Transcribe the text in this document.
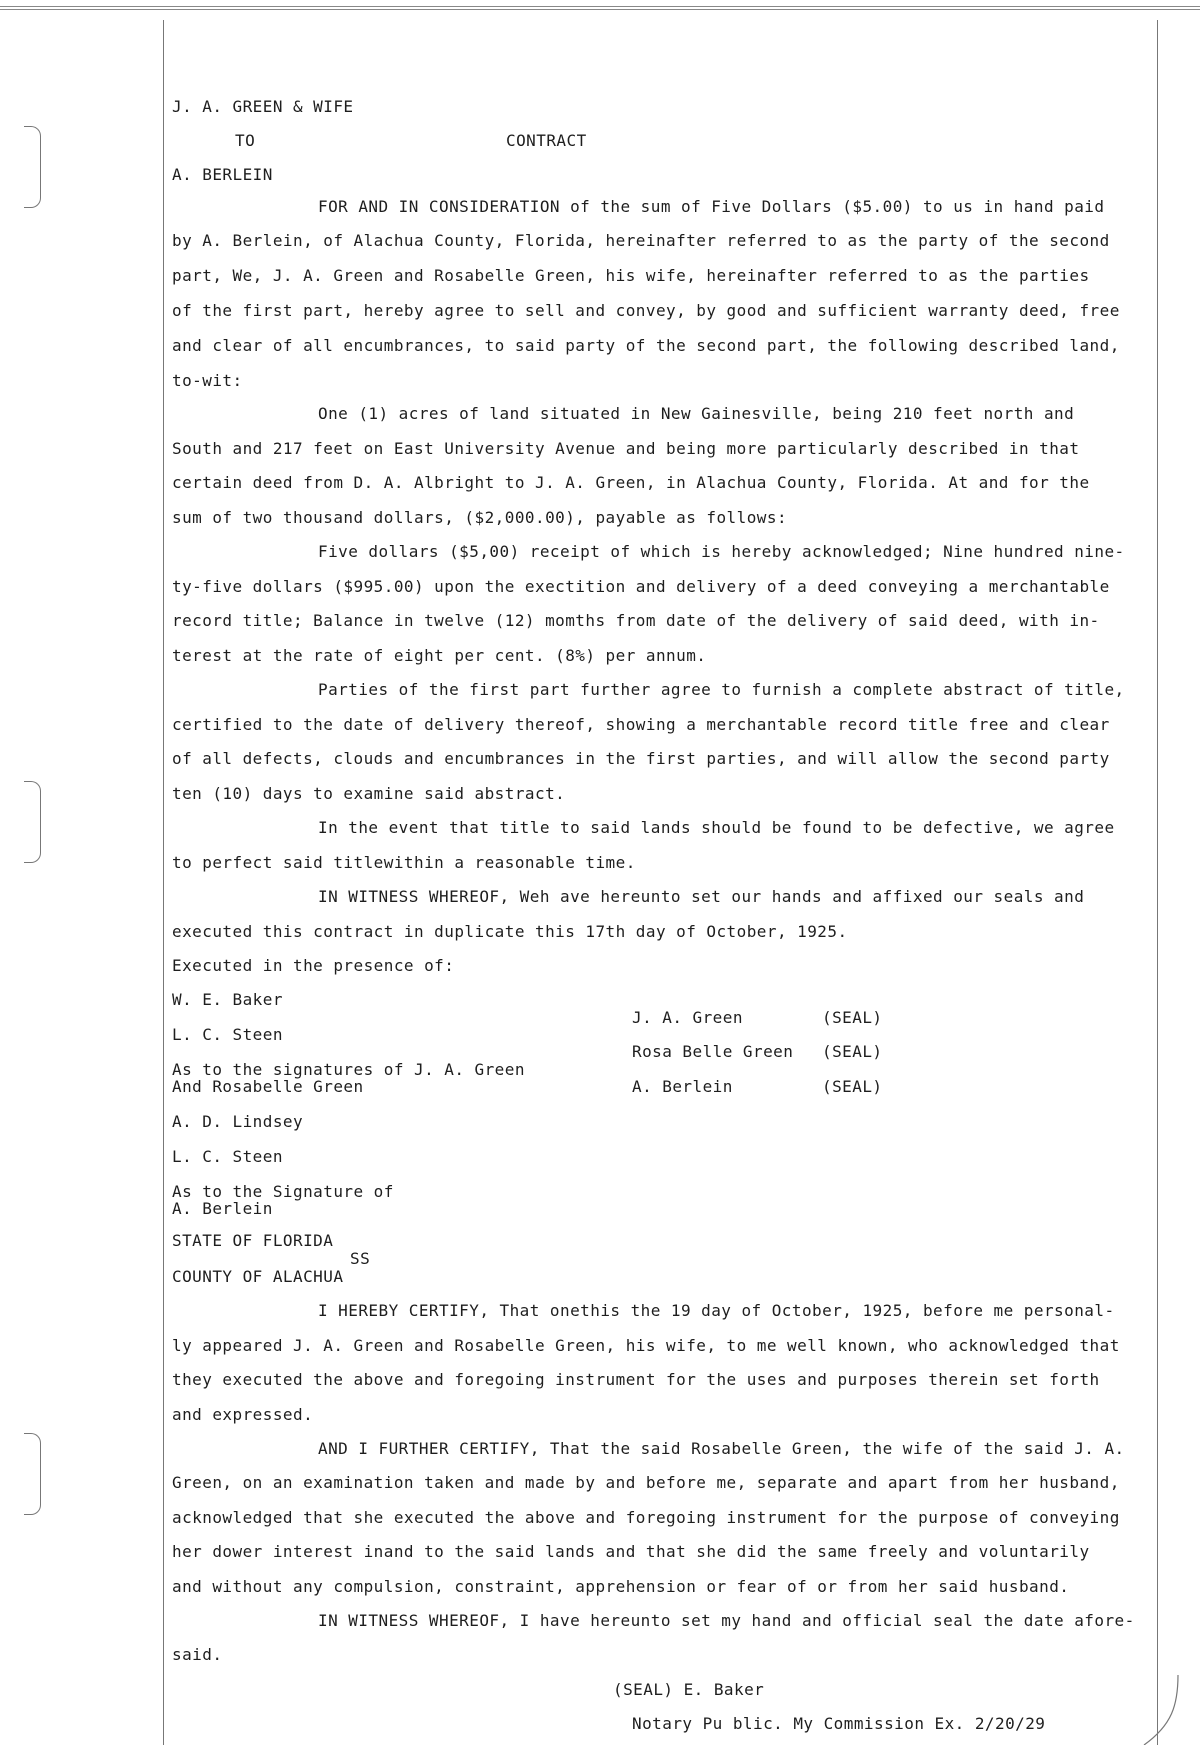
J. A. GREEN & WIFE
TO	CONTRACT
A. BERLEIN
FOR AND IN CONSIDERATION of the sum of Five Dollars ($5.00) to us in hand paid
by A. Berlein, of Alachua County, Florida, hereinafter referred to as the party of the second
part, We, J. A. Green and Rosabelle Green, his wife, hereinafter referred to as the parties
of the first part, hereby agree to sell and convey, by good and sufficient warranty deed, free
and clear of all encumbrances, to said party of the second part, the following described land,
to-wit:
One (1) acres of land situated in New Gainesville, being 210 feet north and
South and 217 feet on East University Avenue and being more particularly described in that
certain deed from D. A. Albright to J. A. Green, in Alachua County, Florida. At and for the
sum of two thousand dollars, ($2,000.00), payable as follows:
Five dollars ($5,00) receipt of which is hereby acknowledged; Nine hundred nine-
ty-five dollars ($995.00) upon the exectition and delivery of a deed conveying a merchantable
record title; Balance in twelve (12) momths from date of the delivery of said deed, with in-
terest at the rate of eight per cent. (8%) per annum.
Parties of the first part further agree to furnish a complete abstract of title,
certified to the date of delivery thereof, showing a merchantable record title free and clear
of all defects, clouds and encumbrances in the first parties, and will allow the second party
ten (10) days to examine said abstract.
In the event that title to said lands should be found to be defective, we agree
to perfect said titlewithin a reasonable time.
IN WITNESS WHEREOF, Weh ave hereunto set our hands and affixed our seals and
executed this contract in duplicate this 17th day of October, 1925.
Executed in the presence of:
W. E. Baker
L. C. Steen
As to the signatures of J. A. Green
And Rosabelle Green
A. D. Lindsey
L. C. Steen
As to the Signature of
A. Berlein
J. A. Green	(SEAL)
Rosa Belle Green (SEAL)
A. Berlein	(SEAL)
STATE OF FLORIDA
SS
COUNTY OF ALACHUA
I HEREBY CERTIFY, That onethis the 19 day of October, 1925, before me personal-
ly appeared J. A. Green and Rosabelle Green, his wife, to me well known, who acknowledged that
they executed the above and foregoing instrument for the uses and purposes therein set forth
and expressed.
AND I FURTHER CERTIFY, That the said Rosabelle Green, the wife of the said J. A.
Green, on an examination taken and made by and before me, separate and apart from her husband,
acknowledged that she executed the above and foregoing instrument for the purpose of conveying
her dower interest inand to the said lands and that she did the same freely and voluntarily
and without any compulsion, constraint, apprehension or fear of or from her said husband.
IN WITNESS WHEREOF, I have hereunto set my hand and official seal the date afore-
said.
(SEAL) E. Baker
Notary Pu blic. My Commission Ex. 2/20/29
